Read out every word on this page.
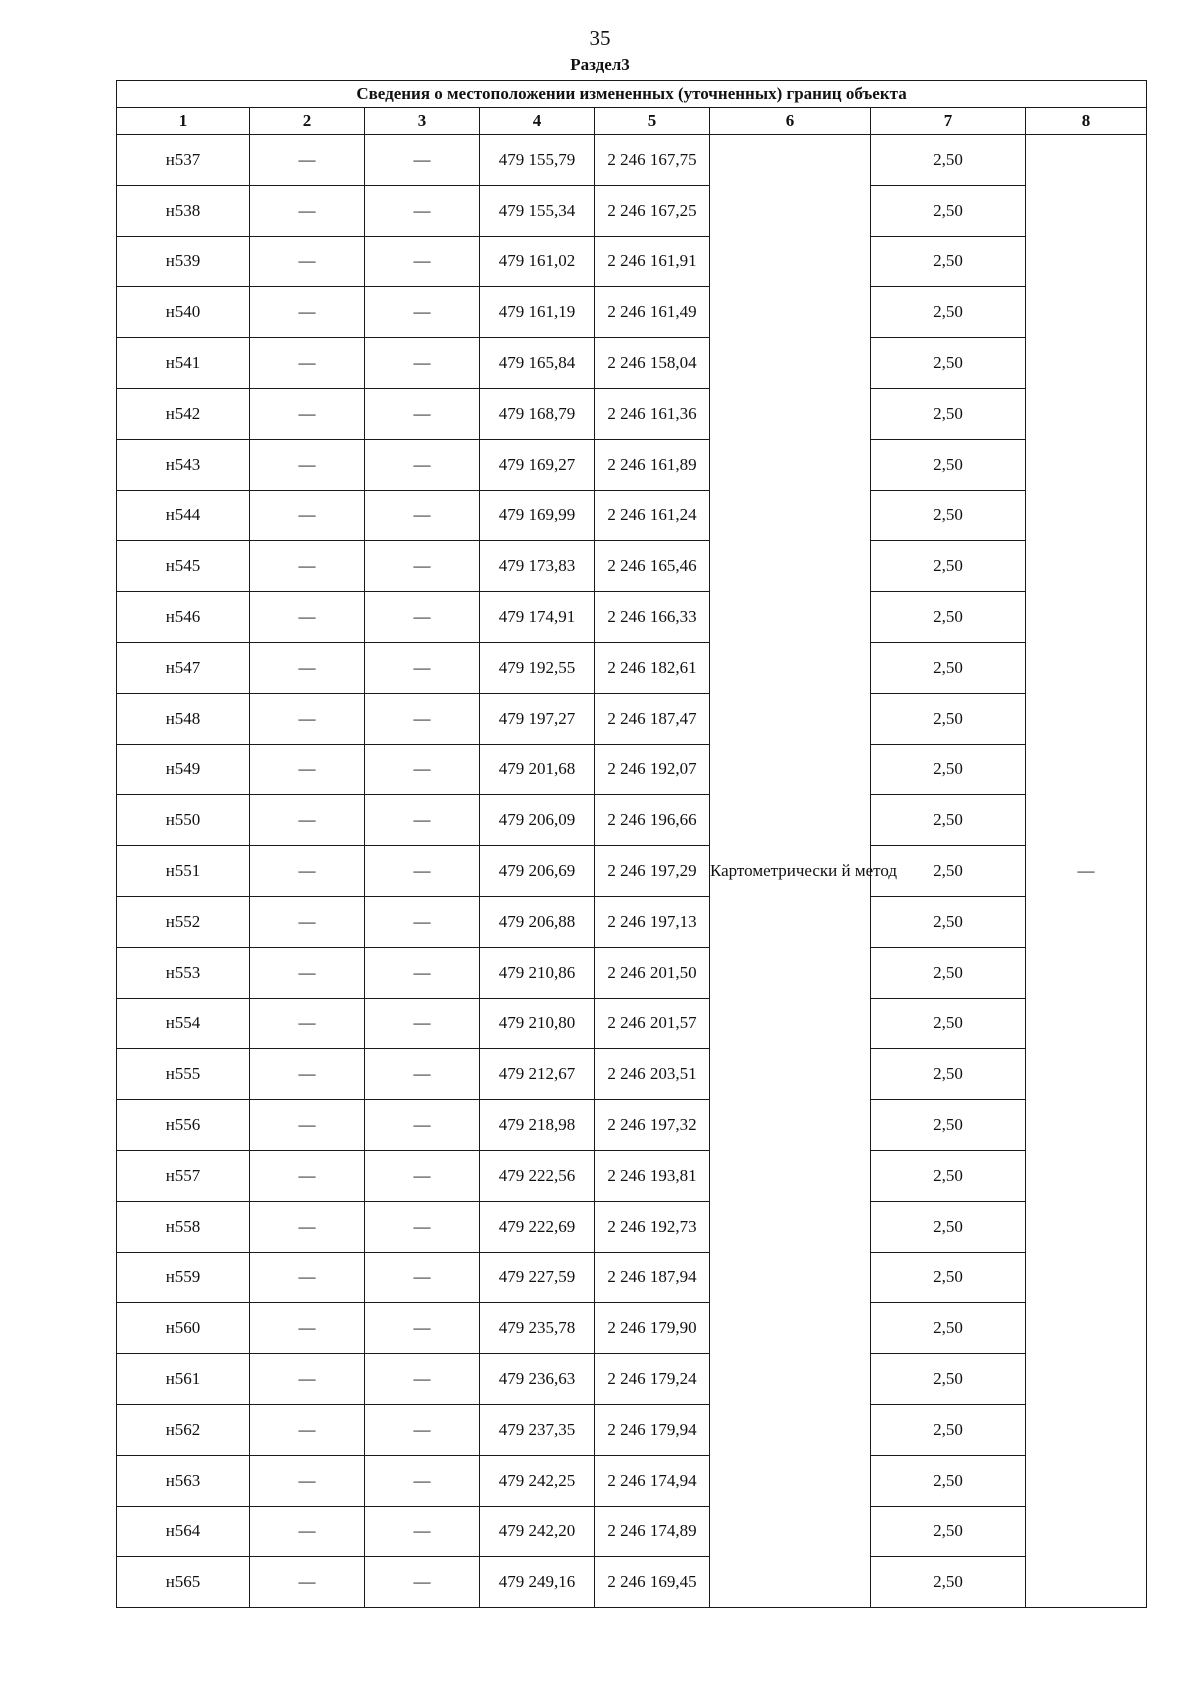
35
Раздел3
Сведения о местоположении измененных (уточненных) границ объекта							
1	2	3	4	5	6	7	8
н537	—	—	479 155,79	2 246 167,75	Картометрически й метод	2,50	—
н538	—	—	479 155,34	2 246 167,25		2,50	
н539	—	—	479 161,02	2 246 161,91		2,50	
н540	—	—	479 161,19	2 246 161,49		2,50	
н541	—	—	479 165,84	2 246 158,04		2,50	
н542	—	—	479 168,79	2 246 161,36		2,50	
н543	—	—	479 169,27	2 246 161,89		2,50	
н544	—	—	479 169,99	2 246 161,24		2,50	
н545	—	—	479 173,83	2 246 165,46		2,50	
н546	—	—	479 174,91	2 246 166,33		2,50	
н547	—	—	479 192,55	2 246 182,61		2,50	
н548	—	—	479 197,27	2 246 187,47		2,50	
н549	—	—	479 201,68	2 246 192,07		2,50	
н550	—	—	479 206,09	2 246 196,66		2,50	
н551	—	—	479 206,69	2 246 197,29		2,50	
н552	—	—	479 206,88	2 246 197,13		2,50	
н553	—	—	479 210,86	2 246 201,50		2,50	
н554	—	—	479 210,80	2 246 201,57		2,50	
н555	—	—	479 212,67	2 246 203,51		2,50	
н556	—	—	479 218,98	2 246 197,32		2,50	
н557	—	—	479 222,56	2 246 193,81		2,50	
н558	—	—	479 222,69	2 246 192,73		2,50	
н559	—	—	479 227,59	2 246 187,94		2,50	
н560	—	—	479 235,78	2 246 179,90		2,50	
н561	—	—	479 236,63	2 246 179,24		2,50	
н562	—	—	479 237,35	2 246 179,94		2,50	
н563	—	—	479 242,25	2 246 174,94		2,50	
н564	—	—	479 242,20	2 246 174,89		2,50	
н565	—	—	479 249,16	2 246 169,45		2,50	
